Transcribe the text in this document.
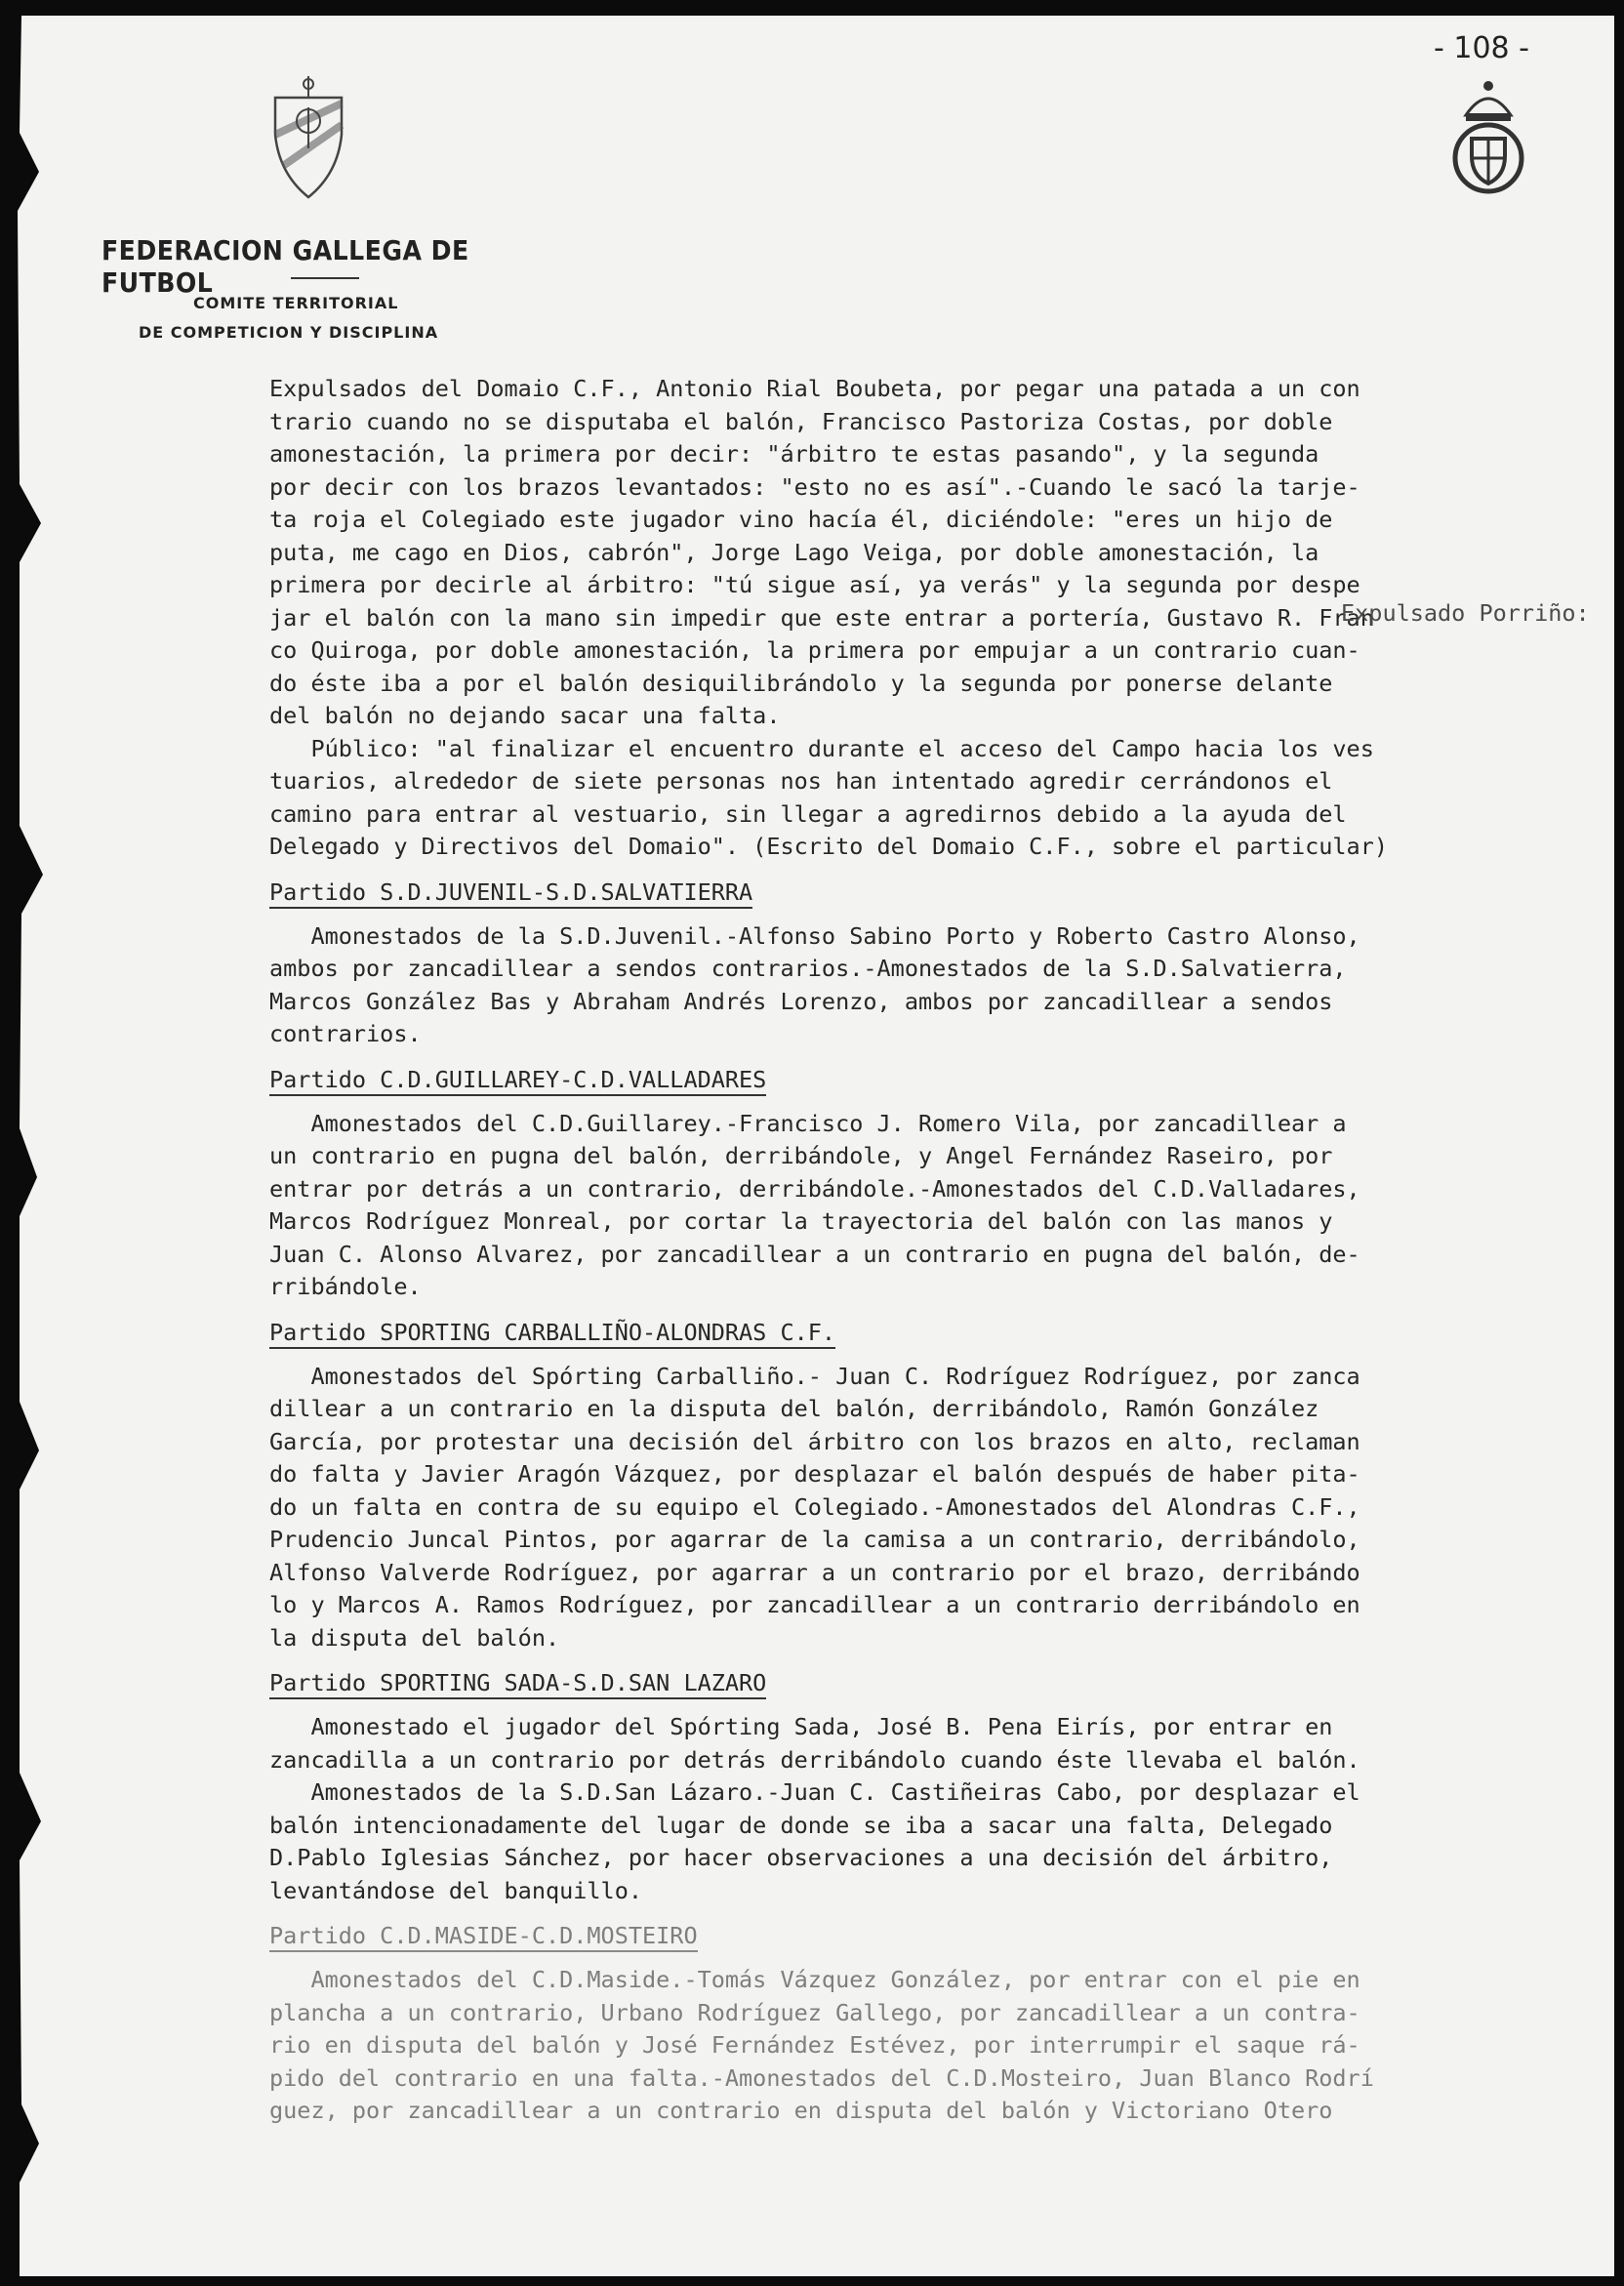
- 108 -
FEDERACION GALLEGA DE FUTBOL
COMITE TERRITORIAL
DE COMPETICION Y DISCIPLINA

Expulsados del Domaio C.F., Antonio Rial Boubeta, por pegar una patada a un con

trario cuando no se disputaba el balón, Francisco Pastoriza Costas, por doble

amonestación, la primera por decir: "árbitro te estas pasando", y la segunda

por decir con los brazos levantados: "esto no es así".-Cuando le sacó la tarje-

ta roja el Colegiado este jugador vino hacía él, diciéndole: "eres un hijo de

puta, me cago en Dios, cabrón", Jorge Lago Veiga, por doble amonestación, la

primera por decirle al árbitro: "tú sigue así, ya verás" y la segunda por despe

jar el balón con la mano sin impedir que este entrar a portería, Gustavo R. Fran

co Quiroga, por doble amonestación, la primera por empujar a un contrario cuan-

do éste iba a por el balón desiquilibrándolo y la segunda por ponerse delante

del balón no dejando sacar una falta.

Público: "al finalizar el encuentro durante el acceso del Campo hacia los ves

tuarios, alrededor de siete personas nos han intentado agredir cerrándonos el

camino para entrar al vestuario, sin llegar a agredirnos debido a la ayuda del

Delegado y Directivos del Domaio". (Escrito del Domaio C.F., sobre el particular)

Partido S.D.JUVENIL-S.D.SALVATIERRA

Amonestados de la S.D.Juvenil.-Alfonso Sabino Porto y Roberto Castro Alonso,

ambos por zancadillear a sendos contrarios.-Amonestados de la S.D.Salvatierra,

Marcos González Bas y Abraham Andrés Lorenzo, ambos por zancadillear a sendos

contrarios.

Partido C.D.GUILLAREY-C.D.VALLADARES

Amonestados del C.D.Guillarey.-Francisco J. Romero Vila, por zancadillear a

un contrario en pugna del balón, derribándole, y Angel Fernández Raseiro, por

entrar por detrás a un contrario, derribándole.-Amonestados del C.D.Valladares,

Marcos Rodríguez Monreal, por cortar la trayectoria del balón con las manos y

Juan C. Alonso Alvarez, por zancadillear a un contrario en pugna del balón, de-

rribándole.

Partido SPORTING CARBALLIÑO-ALONDRAS C.F.

Amonestados del Spórting Carballiño.- Juan C. Rodríguez Rodríguez, por zanca

dillear a un contrario en la disputa del balón, derribándolo, Ramón González

García, por protestar una decisión del árbitro con los brazos en alto, reclaman

do falta y Javier Aragón Vázquez, por desplazar el balón después de haber pita-

do un falta en contra de su equipo el Colegiado.-Amonestados del Alondras C.F.,

Prudencio Juncal Pintos, por agarrar de la camisa a un contrario, derribándolo,

Alfonso Valverde Rodríguez, por agarrar a un contrario por el brazo, derribándo

lo y Marcos A. Ramos Rodríguez, por zancadillear a un contrario derribándolo en

la disputa del balón.

Partido SPORTING SADA-S.D.SAN LAZARO

Amonestado el jugador del Spórting Sada, José B. Pena Eirís, por entrar en

zancadilla a un contrario por detrás derribándolo cuando éste llevaba el balón.

Amonestados de la S.D.San Lázaro.-Juan C. Castiñeiras Cabo, por desplazar el

balón intencionadamente del lugar de donde se iba a sacar una falta, Delegado

D.Pablo Iglesias Sánchez, por hacer observaciones a una decisión del árbitro,

levantándose del banquillo.

Partido C.D.MASIDE-C.D.MOSTEIRO

Amonestados del C.D.Maside.-Tomás Vázquez González, por entrar con el pie en

plancha a un contrario, Urbano Rodríguez Gallego, por zancadillear a un contra-

rio en disputa del balón y José Fernández Estévez, por interrumpir el saque rá-

pido del contrario en una falta.-Amonestados del C.D.Mosteiro, Juan Blanco Rodrí

guez, por zancadillear a un contrario en disputa del balón y Victoriano Otero

Expulsado Porriño:
